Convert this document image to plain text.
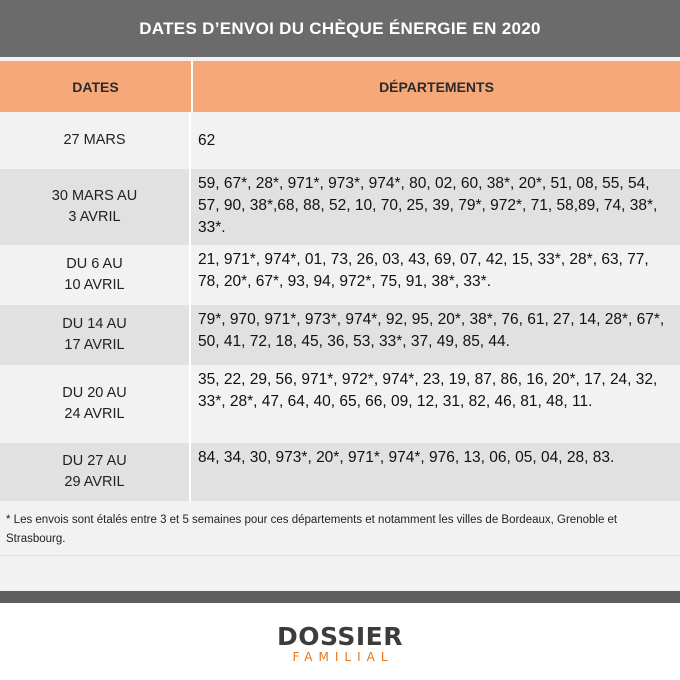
DATES D’ENVOI DU CHÈQUE ÉNERGIE EN 2020
DATES	DÉPARTEMENTS
27 MARS	62
30 MARS AU
3 AVRIL
59, 67*, 28*, 971*, 973*, 974*, 80, 02, 60, 38*, 20*, 51, 08, 55, 54, 57, 90, 38*,68, 88, 52, 10, 70, 25, 39, 79*, 972*, 71, 58,89, 74, 38*, 33*.
DU 6 AU
10 AVRIL
21, 971*, 974*, 01, 73, 26, 03, 43, 69, 07, 42, 15, 33*, 28*, 63, 77, 78, 20*, 67*, 93, 94, 972*, 75, 91, 38*, 33*.
DU 14 AU
17 AVRIL
79*, 970, 971*, 973*, 974*, 92, 95, 20*, 38*, 76, 61, 27, 14, 28*, 67*, 50, 41, 72, 18, 45, 36, 53, 33*, 37, 49, 85, 44.
DU 20 AU
24 AVRIL
35, 22, 29, 56, 971*, 972*, 974*, 23, 19, 87, 86, 16, 20*, 17, 24, 32, 33*, 28*, 47, 64, 40, 65, 66, 09, 12, 31, 82, 46, 81, 48, 11.
DU 27 AU
29 AVRIL
84, 34, 30, 973*, 20*, 971*, 974*, 976, 13, 06, 05, 04, 28, 83.
* Les envois sont étalés entre 3 et 5 semaines pour ces départements et notamment les villes de Bordeaux, Grenoble et Strasbourg.
DOSSIER
FAMILIAL
